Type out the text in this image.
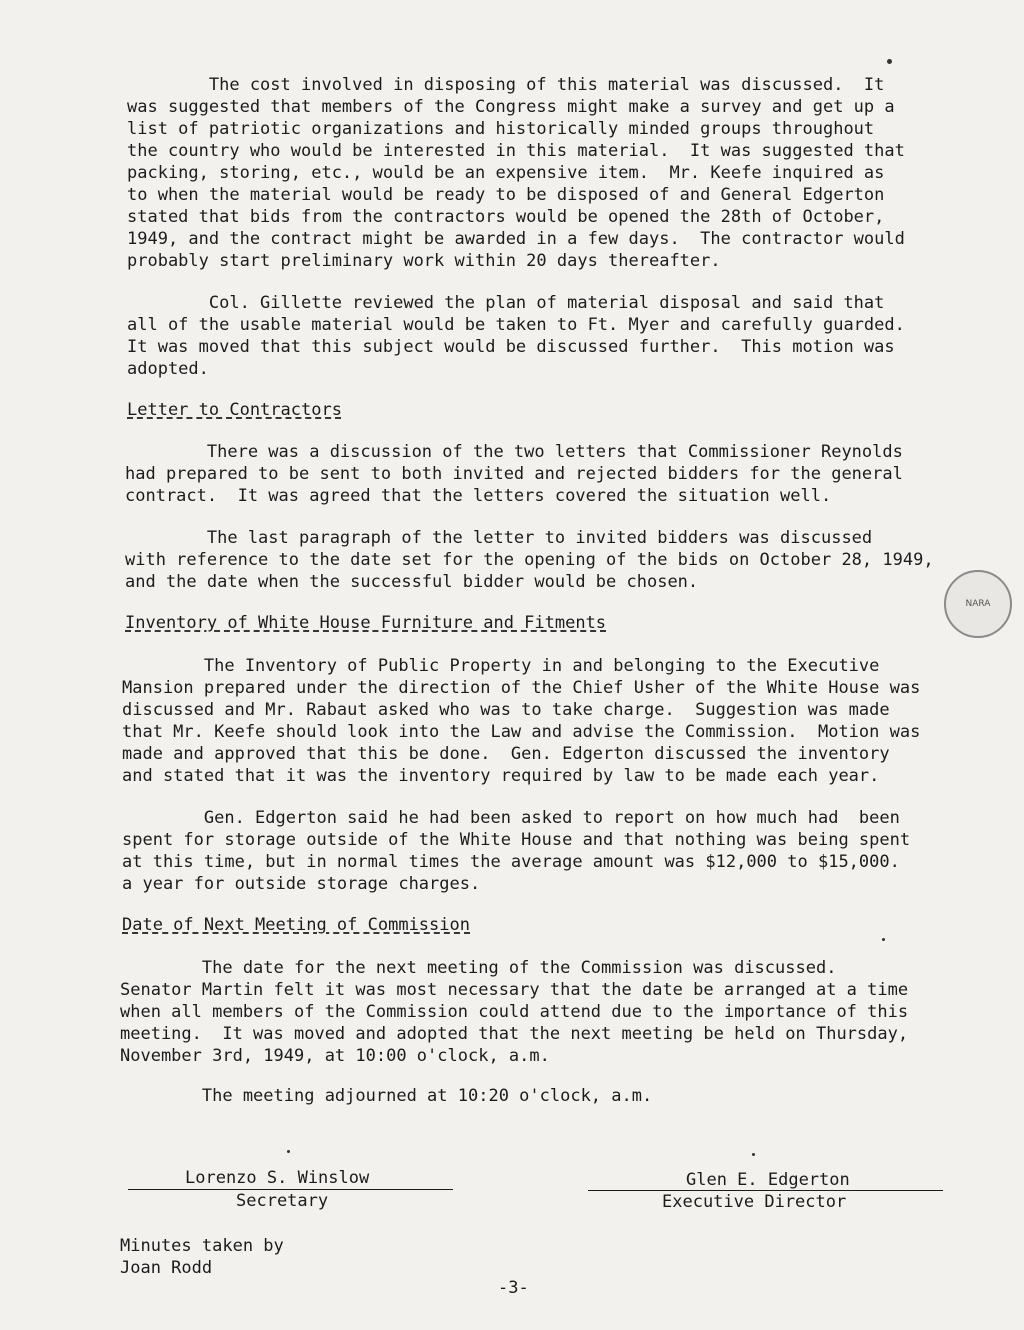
The cost involved in disposing of this material was discussed.  It
was suggested that members of the Congress might make a survey and get up a
list of patriotic organizations and historically minded groups throughout
the country who would be interested in this material.  It was suggested that
packing, storing, etc., would be an expensive item.  Mr. Keefe inquired as
to when the material would be ready to be disposed of and General Edgerton
stated that bids from the contractors would be opened the 28th of October,
1949, and the contract might be awarded in a few days.  The contractor would
probably start preliminary work within 20 days thereafter.
Col. Gillette reviewed the plan of material disposal and said that
all of the usable material would be taken to Ft. Myer and carefully guarded.
It was moved that this subject would be discussed further.  This motion was
adopted.
Letter to Contractors
There was a discussion of the two letters that Commissioner Reynolds
had prepared to be sent to both invited and rejected bidders for the general
contract.  It was agreed that the letters covered the situation well.
The last paragraph of the letter to invited bidders was discussed
with reference to the date set for the opening of the bids on October 28, 1949,
and the date when the successful bidder would be chosen.
Inventory of White House Furniture and Fitments
The Inventory of Public Property in and belonging to the Executive
Mansion prepared under the direction of the Chief Usher of the White House was
discussed and Mr. Rabaut asked who was to take charge.  Suggestion was made
that Mr. Keefe should look into the Law and advise the Commission.  Motion was
made and approved that this be done.  Gen. Edgerton discussed the inventory
and stated that it was the inventory required by law to be made each year.
Gen. Edgerton said he had been asked to report on how much had  been
spent for storage outside of the White House and that nothing was being spent
at this time, but in normal times the average amount was $12,000 to $15,000.
a year for outside storage charges.
Date of Next Meeting of Commission
The date for the next meeting of the Commission was discussed.
Senator Martin felt it was most necessary that the date be arranged at a time
when all members of the Commission could attend due to the importance of this
meeting.  It was moved and adopted that the next meeting be held on Thursday,
November 3rd, 1949, at 10:00 o'clock, a.m.
The meeting adjourned at 10:20 o'clock, a.m.
Lorenzo S. Winslow
Secretary
Glen E. Edgerton
Executive Director
Minutes taken by
Joan Rodd
-3-
NARA
